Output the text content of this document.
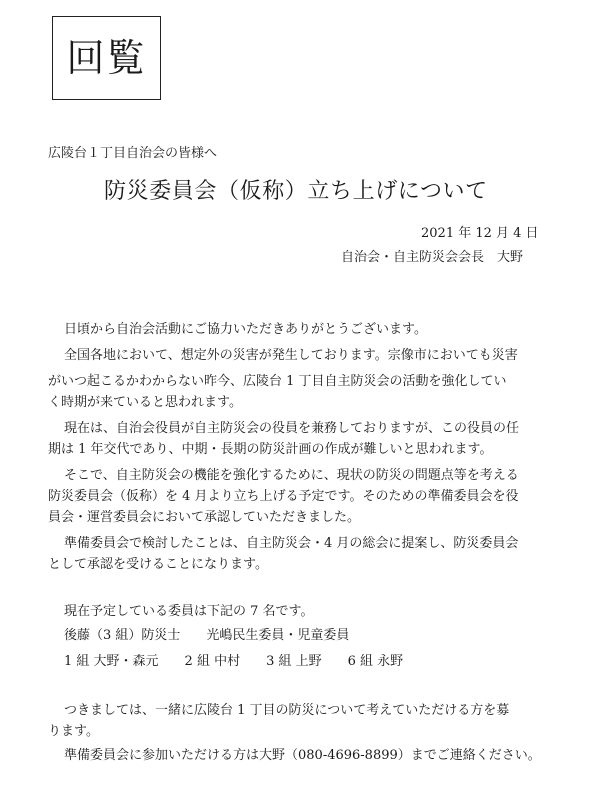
回覧
広陵台１丁目自治会の皆様へ
防災委員会（仮称）立ち上げについて
2021 年 12 月 4 日
自治会・自主防災会会長　大野
日頃から自治会活動にご協力いただきありがとうございます。
全国各地において、想定外の災害が発生しております。宗像市においても災害
がいつ起こるかわからない昨今、広陵台 1 丁目自主防災会の活動を強化してい
く時期が来ていると思われます。
現在は、自治会役員が自主防災会の役員を兼務しておりますが、この役員の任
期は 1 年交代であり、中期・長期の防災計画の作成が難しいと思われます。
そこで、自主防災会の機能を強化するために、現状の防災の問題点等を考える
防災委員会（仮称）を 4 月より立ち上げる予定です。そのための準備委員会を役
員会・運営委員会において承認していただきました。
準備委員会で検討したことは、自主防災会・4 月の総会に提案し、防災委員会
として承認を受けることになります。
現在予定している委員は下記の 7 名です。
後藤（3 組）防災士　　光嶋民生委員・児童委員
1 組 大野・森元　　2 組 中村　　3 組 上野　　6 組 永野
つきましては、一緒に広陵台 1 丁目の防災について考えていただける方を募
ります。
準備委員会に参加いただける方は大野（080-4696-8899）までご連絡ください。
